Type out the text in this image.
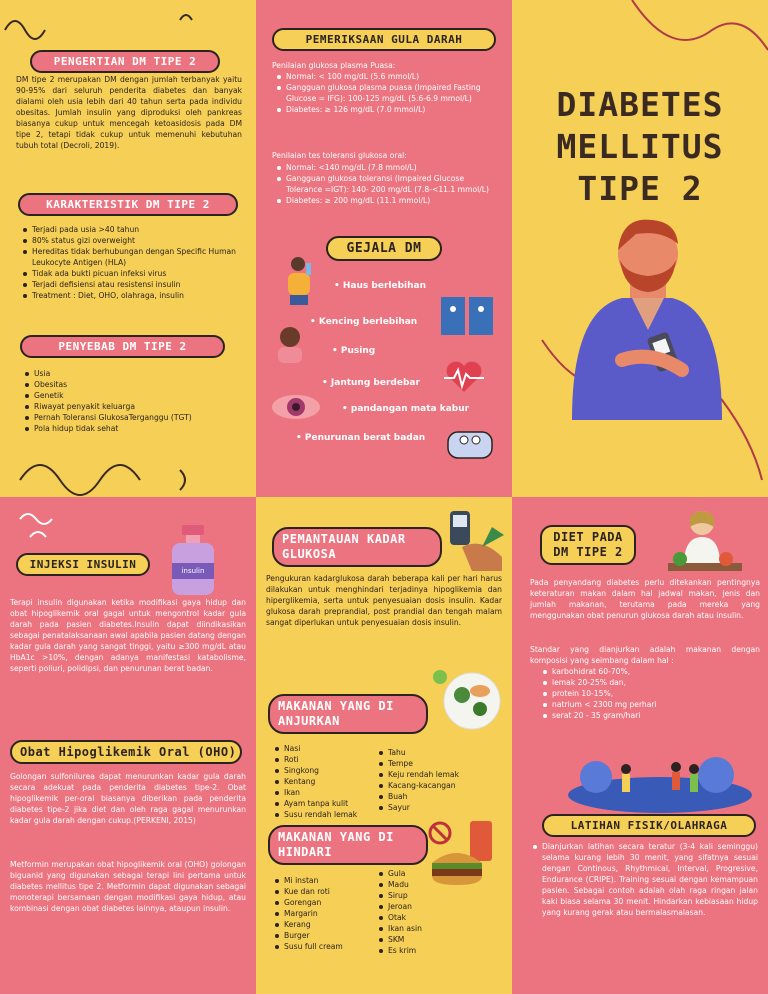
PENGERTIAN DM TIPE 2
DM tipe 2 merupakan DM dengan jumlah terbanyak yaitu 90-95% dari seluruh penderita diabetes dan banyak dialami oleh usia lebih dari 40 tahun serta pada individu obesitas. Jumlah insulin yang diproduksi oleh pankreas biasanya cukup untuk mencegah ketoasidosis pada DM tipe 2, tetapi tidak cukup untuk memenuhi kebutuhan tubuh total (Decroli, 2019).
KARAKTERISTIK DM TIPE 2
Terjadi pada usia >40 tahun
80% status gizi overweight
Hereditas tidak berhubungan dengan Specific Human Leukocyte Antigen (HLA)
Tidak ada bukti picuan infeksi virus
Terjadi defisiensi atau resistensi insulin
Treatment : Diet, OHO, olahraga, insulin
PENYEBAB DM TIPE 2
Usia
Obesitas
Genetik
Riwayat penyakit keluarga
Pernah Toleransi GlukosaTerganggu (TGT)
Pola hidup tidak sehat
PEMERIKSAAN GULA DARAH
Penilaian glukosa plasma Puasa:
Normal: < 100 mg/dL (5.6 mmol/L)
Gangguan glukosa plasma puasa (Impaired Fasting Glucose = IFG): 100-125 mg/dL (5.6-6.9 mmol/L)
Diabetes: ≥ 126 mg/dL (7.0 mmol/L)
Penilaian tes toleransi glukosa oral:
Normal: <140 mg/dL (7.8 mmol/L)
Gangguan glukosa toleransi (Impaired Glucose Tolerance =IGT): 140- 200 mg/dL (7.8-<11.1 mmol/L)
Diabetes: ≥ 200 mg/dL (11.1 mmol/L)
GEJALA DM
• Haus berlebihan
• Kencing berlebihan
• Pusing
• Jantung berdebar
• pandangan mata kabur
• Penurunan berat badan
DIABETES
MELLITUS
TIPE 2
INJEKSI INSULIN	insulin
Terapi insulin digunakan ketika modifikasi gaya hidup dan obat hipoglikemik oral gagal untuk mengontrol kadar gula darah pada pasien diabetes.Insulin dapat diindikasikan sebagai penatalaksanaan awal apabila pasien datang dengan kadar gula darah yang sangat tinggi, yaitu ≥300 mg/dL atau HbA1c >10%, dengan adanya manifestasi katabolisme, seperti poliuri, polidipsi, dan penurunan berat badan.
Obat Hipoglikemik Oral (OHO)
Golongan sulfonilurea dapat menurunkan kadar gula darah secara adekuat pada penderita diabetes tipe-2. Obat hipoglikemik per-oral biasanya diberikan pada penderita diabetes tipe-2 jika diet dan oleh raga gagal menurunkan kadar gula darah dengan cukup.(PERKENI, 2015)
Metformin merupakan obat hipoglikemik oral (OHO) golongan biguanid yang digunakan sebagai terapi lini pertama untuk diabetes mellitus tipe 2. Metformin dapat digunakan sebagai monoterapi bersamaan dengan modifikasi gaya hidup, atau kombinasi dengan obat diabetes lainnya, ataupun insulin.
PEMANTAUAN KADAR GLUKOSA
Pengukuran kadarglukosa darah beberapa kali per hari harus dilakukan untuk menghindari terjadinya hipoglikemia dan hiperglikemia, serta untuk penyesuaian dosis insulin. Kadar glukosa darah preprandial, post prandial dan tengah malam sangat diperlukan untuk penyesuaian dosis insulin.
MAKANAN YANG DI ANJURKAN
Nasi
Roti
Singkong
Kentang
Ikan
Ayam tanpa kulit
Susu rendah lemak
Tahu
Tempe
Keju rendah lemak
Kacang-kacangan
Buah
Sayur
MAKANAN YANG DI HINDARI
Mi instan
Kue dan roti
Gorengan
Margarin
Kerang
Burger
Susu full cream
Gula
Madu
Sirup
Jeroan
Otak
Ikan asin
SKM
Es krim
DIET PADA DM TIPE 2
Pada penyandang diabetes perlu ditekankan pentingnya keteraturan makan dalam hal jadwal makan, jenis dan jumlah makanan, terutama pada mereka yang menggunakan obat penurun glukosa darah atau insulin.
Standar yang dianjurkan adalah makanan dengan komposisi yang seimbang dalam hal :
karbohidrat 60-70%,
lemak 20-25% dan,
protein 10-15%,
natrium < 2300 mg perhari
serat 20 - 35 gram/hari
LATIHAN FISIK/OLAHRAGA
Dianjurkan latihan secara teratur (3-4 kali seminggu) selama kurang lebih 30 menit, yang sifatnya sesuai dengan Continous, Rhythmical, Interval, Progresive, Endurance (CRIPE). Training sesuai dengan kemampuan pasien. Sebagai contoh adalah olah raga ringan jalan kaki biasa selama 30 menit. Hindarkan kebiasaan hidup yang kurang gerak atau bermalasmalasan.
